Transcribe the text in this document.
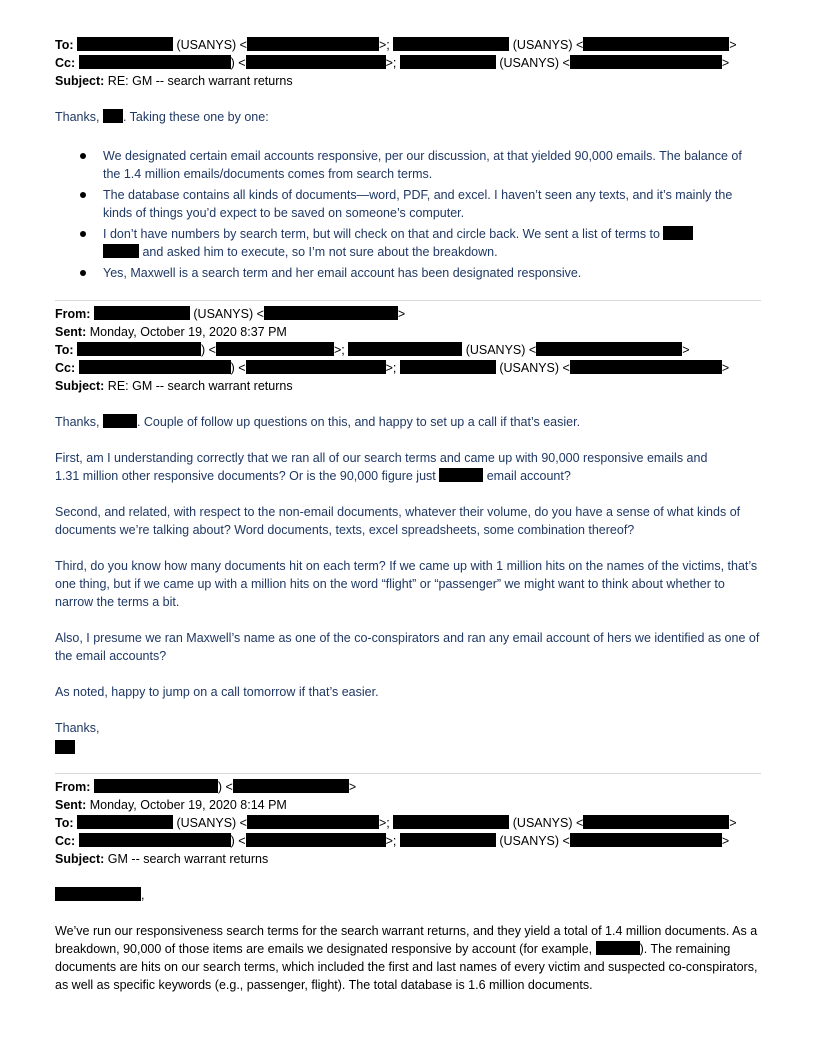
To:	(USANYS) <	>;	(USANYS) <	>
Cc:	) <	>;	(USANYS) <	>
Subject: RE: GM -- search warrant returns
Thanks, . Taking these one by one:
We designated certain email accounts responsive, per our discussion, at that yielded 90,000 emails. The balance of the 1.4 million emails/documents comes from search terms.
The database contains all kinds of documents—word, PDF, and excel. I haven’t seen any texts, and it’s mainly the kinds of things you’d expect to be saved on someone’s computer.
I don’t have numbers by search term, but will check on that and circle back. We sent a list of terms to
and asked him to execute, so I’m not sure about the breakdown.
Yes, Maxwell is a search term and her email account has been designated responsive.
From:	(USANYS) <	>
Sent: Monday, October 19, 2020 8:37 PM
To:	) <	>;	(USANYS) <	>
Cc:	) <	>;	(USANYS) <	>
Subject: RE: GM -- search warrant returns
Thanks,	. Couple of follow up questions on this, and happy to set up a call if that’s easier.
First, am I understanding correctly that we ran all of our search terms and came up with 90,000 responsive emails and
1.31 million other responsive documents? Or is the 90,000 figure just	email account?
Second, and related, with respect to the non-email documents, whatever their volume, do you have a sense of what kinds of documents we’re talking about? Word documents, texts, excel spreadsheets, some combination thereof?
Third, do you know how many documents hit on each term? If we came up with 1 million hits on the names of the victims, that’s one thing, but if we came up with a million hits on the word “flight” or “passenger” we might want to think about whether to narrow the terms a bit.
Also, I presume we ran Maxwell’s name as one of the co-conspirators and ran any email account of hers we identified as one of the email accounts?
As noted, happy to jump on a call tomorrow if that’s easier.
Thanks,
From:	) <	>
Sent: Monday, October 19, 2020 8:14 PM
To:	(USANYS) <	>;	(USANYS) <	>
Cc:	) <	>;	(USANYS) <	>
Subject: GM -- search warrant returns
,
We’ve run our responsiveness search terms for the search warrant returns, and they yield a total of 1.4 million documents. As a breakdown, 90,000 of those items are emails we designated responsive by account (for example,	). The remaining documents are hits on our search terms, which included the first and last names of every victim and suspected co-conspirators, as well as specific keywords (e.g., passenger, flight). The total database is 1.6 million documents.
